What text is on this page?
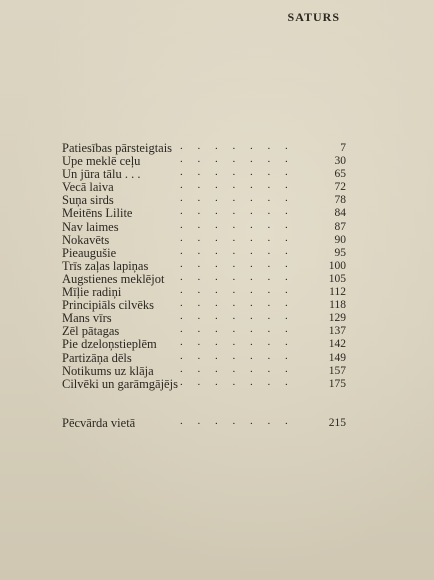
SATURS
Patiesības pārsteigtais . . . . . . .	7
Upe meklē ceļu	. . . . . . .	30
Un jūra tālu . . .	. . . . . . .	65
Vecā laiva	. . . . . . .	72
Suņa sirds	. . . . . . .	78
Meitēns Lilite	. . . . . . .	84
Nav laimes	. . . . . . .	87
Nokavēts	. . . . . . .	90
Pieaugušie	. . . . . . .	95
Trīs zaļas lapiņas	. . . . . . .	100
Augstienes meklējot . . . . . . .	105
Mīļie radiņi	. . . . . . .	112
Principiāls cilvēks . . . . . . .	118
Mans vīrs	. . . . . . .	129
Zēl pātagas	. . . . . . .	137
Pie dzeloņstieplēm . . . . . . .	142
Partizāņa dēls	. . . . . . .	149
Notikums uz klāja . . . . . . .	157
Cilvēki un garāmgājējs . . . . . . .	175
Pēcvārda vietā	. . . . . . .	215
